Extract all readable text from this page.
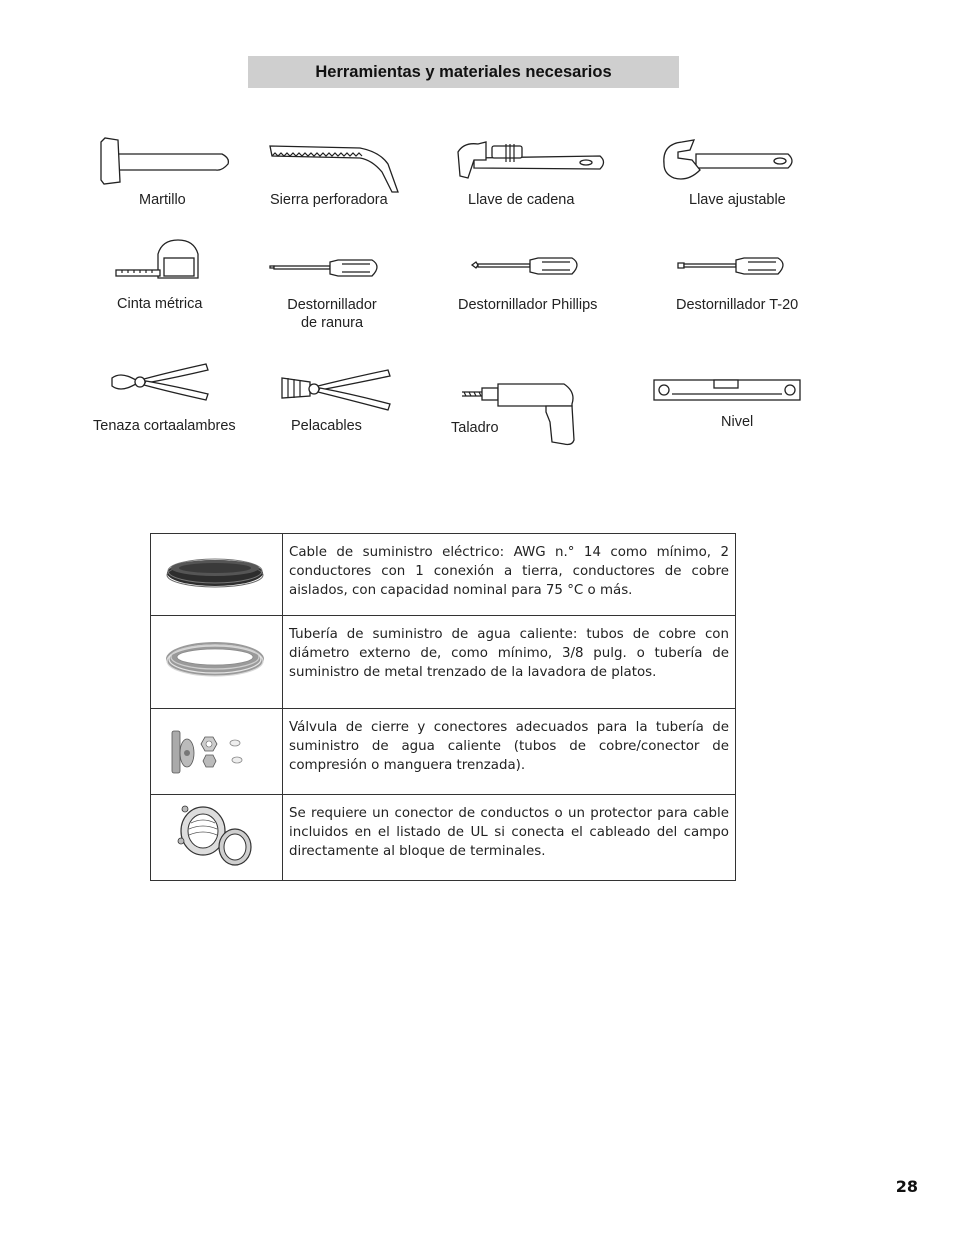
Herramientas y materiales necesarios
Martillo	Sierra perforadora	Llave de cadena	Llave ajustable
Cinta métrica	Destornillador
de ranura
Destornillador Phillips	Destornillador T-20
Tenaza cortaalambres	Pelacables	Taladro	Nivel
	Cable de suministro eléctrico: AWG n.° 14 como mínimo, 2 conductores con 1 conexión a tierra, conductores de cobre aislados, con capacidad nominal para 75 °C o más.
	Tubería de suministro de agua caliente: tubos de cobre con diámetro externo de, como mínimo, 3/8 pulg. o tubería de suministro de metal trenzado de la lavadora de platos.
	Válvula de cierre y conectores adecuados para la tubería de suministro de agua caliente (tubos de cobre/conector de compresión o manguera trenzada).
	Se requiere un conector de conductos o un protector para cable incluidos en el listado de UL si conecta el cableado del campo directamente al bloque de terminales.
28
